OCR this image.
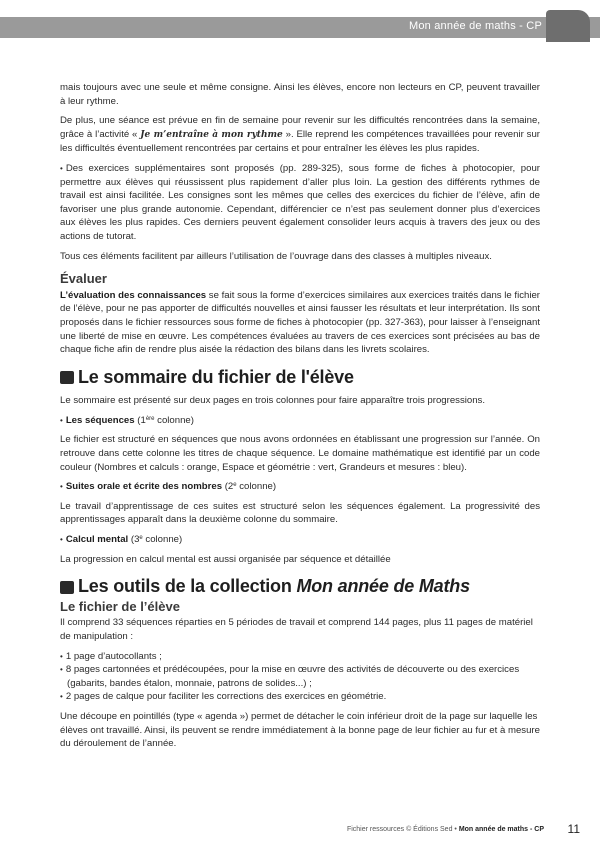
Mon année de maths - CP

mais toujours avec une seule et même consigne. Ainsi les élèves, encore non lecteurs en CP, peuvent travailler à leur rythme.

De plus, une séance est prévue en fin de semaine pour revenir sur les difficultés rencontrées dans la semaine, grâce à l’activité « Je m’entraîne à mon rythme ». Elle reprend les compétences travaillées pour revenir sur les difficultés éventuellement rencontrées par certains et pour entraîner les élèves les plus rapides.

• Des exercices supplémentaires sont proposés (pp. 289-325), sous forme de fiches à photocopier, pour permettre aux élèves qui réussissent plus rapidement d’aller plus loin. La gestion des différents rythmes de travail est ainsi facilitée. Les consignes sont les mêmes que celles des exercices du fichier de l’élève, afin de favoriser une plus grande autonomie. Cependant, différencier ce n’est pas seulement donner plus d’exercices aux élèves les plus rapides. Ces derniers peuvent également consolider leurs acquis à travers des jeux ou des actions de tutorat.

Tous ces éléments facilitent par ailleurs l’utilisation de l’ouvrage dans des classes à multiples niveaux.

Évaluer

L’évaluation des connaissances se fait sous la forme d’exercices similaires aux exercices traités dans le fichier de l’élève, pour ne pas apporter de difficultés nouvelles et ainsi fausser les résultats et leur interprétation. Ils sont proposés dans le fichier ressources sous forme de fiches à photocopier (pp. 327-363), pour laisser à l’enseignant une liberté de mise en œuvre. Les compétences évaluées au travers de ces exercices sont précisées au bas de chaque fiche afin de rendre plus aisée la rédaction des bilans dans les livrets scolaires.

Le sommaire du fichier de l'élève

Le sommaire est présenté sur deux pages en trois colonnes pour faire apparaître trois progressions.

• Les séquences (1ère colonne)

Le fichier est structuré en séquences que nous avons ordonnées en établissant une progression sur l’année. On retrouve dans cette colonne les titres de chaque séquence. Le domaine mathématique est identifié par un code couleur (Nombres et calculs : orange, Espace et géométrie : vert, Grandeurs et mesures : bleu).

• Suites orale et écrite des nombres (2e colonne)

Le travail d’apprentissage de ces suites est structuré selon les séquences également. La progressivité des apprentissages apparaît dans la deuxième colonne du sommaire.

• Calcul mental (3e colonne)

La progression en calcul mental est aussi organisée par séquence et détaillée

Les outils de la collection
Mon année de Maths
Le fichier de l’élève

Il comprend 33 séquences réparties en 5 périodes de travail et comprend 144 pages, plus 11 pages de matériel de manipulation :

• 1 page d’autocollants ;
• 8 pages cartonnées et prédécoupées, pour la mise en œuvre des activités de découverte ou des exercices (gabarits, bandes étalon, monnaie, patrons de solides...) ;
• 2 pages de calque pour faciliter les corrections des exercices en géométrie.

Une découpe en pointillés (type « agenda ») permet de détacher le coin inférieur droit de la page sur laquelle les élèves ont travaillé. Ainsi, ils peuvent se rendre immédiatement à la bonne page de leur fichier au fur et à mesure du déroulement de l’année.

Fichier ressources © Éditions Sed • Mon année de maths - CP 11
